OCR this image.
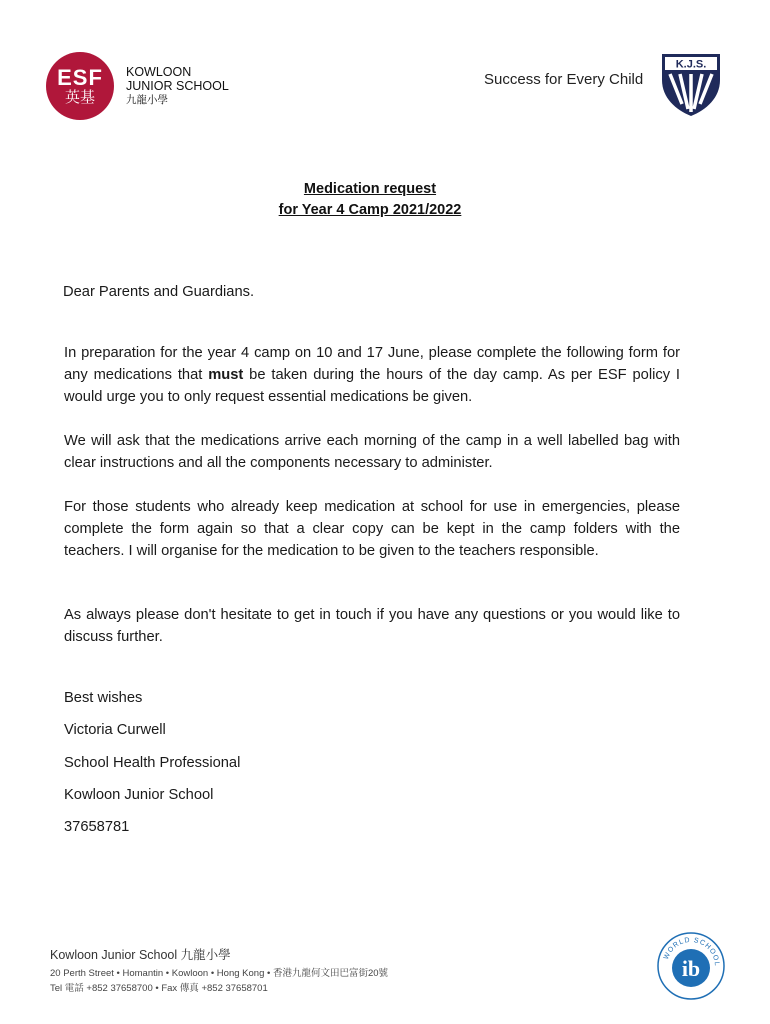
ESF
英基
KOWLOON
JUNIOR SCHOOL
九龍小學
Success for Every Child
K.J.S.
Medication request
for Year 4 Camp 2021/2022
Dear Parents and Guardians.
In preparation for the year 4 camp on 10 and 17 June, please complete the following form for any medications that must be taken during the hours of the day camp. As per ESF policy I would urge you to only request essential medications be given.
We will ask that the medications arrive each morning of the camp in a well labelled bag with clear instructions and all the components necessary to administer.
For those students who already keep medication at school for use in emergencies, please complete the form again so that a clear copy can be kept in the camp folders with the teachers. I will organise for the medication to be given to the teachers responsible.
As always please don't hesitate to get in touch if you have any questions or you would like to discuss further.
Best wishes
Victoria Curwell
School Health Professional
Kowloon Junior School
37658781
Kowloon Junior School 九龍小學
20 Perth Street • Homantin • Kowloon • Hong Kong • 香港九龍何文田巴富街20號
Tel 電話 +852 37658700 • Fax 傳真 +852 37658701
WORLD SCHOOL
ib
